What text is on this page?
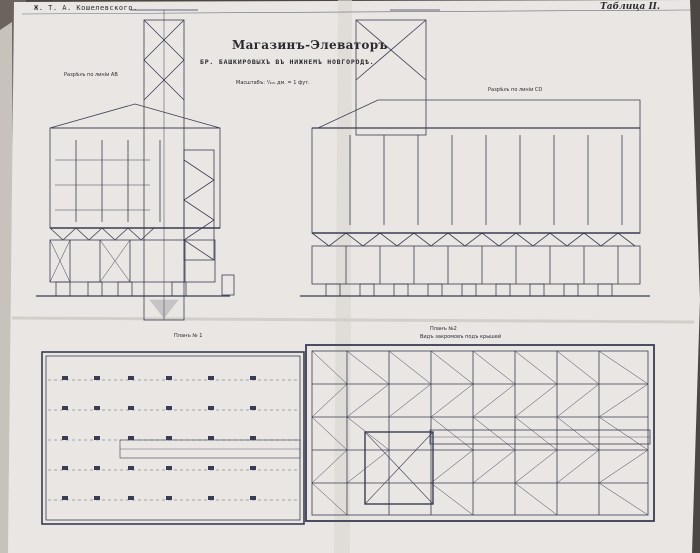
Ж. Т. А. Кошелевского.	Таблица II.
Магазинъ-Элеваторъ
БР. БАШКИРОВЫХЪ ВЪ НИЖНЕМЪ НОВГОРОДѢ.
Масштабъ: ¹⁄₁₀₀ дм. = 1 фут.
Разрѣзъ по линiи АВ
Разрѣзъ по линiи CD
Планъ № 1
Планъ №2
Видъ закромовъ подъ крышей
